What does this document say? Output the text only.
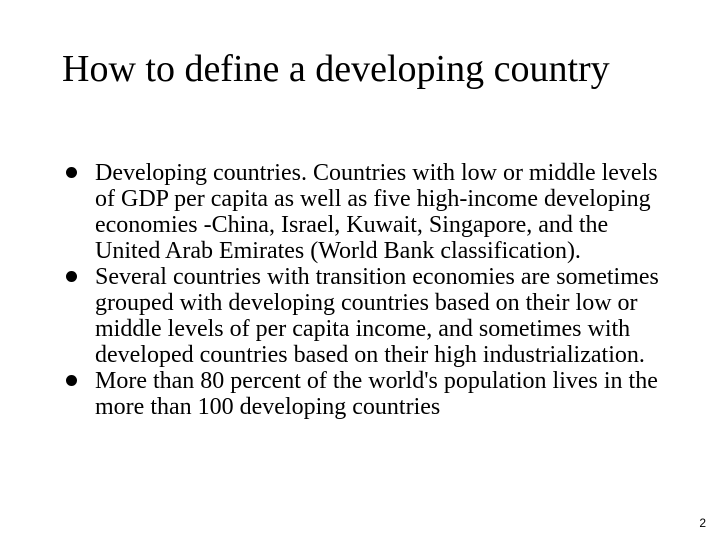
How to define a developing country
Developing countries. Countries with low or middle levels of GDP per capita as well as five high-income developing economies -China, Israel, Kuwait, Singapore, and the United Arab Emirates (World Bank classification).
Several countries with transition economies are sometimes grouped with developing countries based on their low or middle levels of per capita income, and sometimes with developed countries based on their high industrialization.
More than 80 percent of the world's population lives in the more than 100 developing countries
2
